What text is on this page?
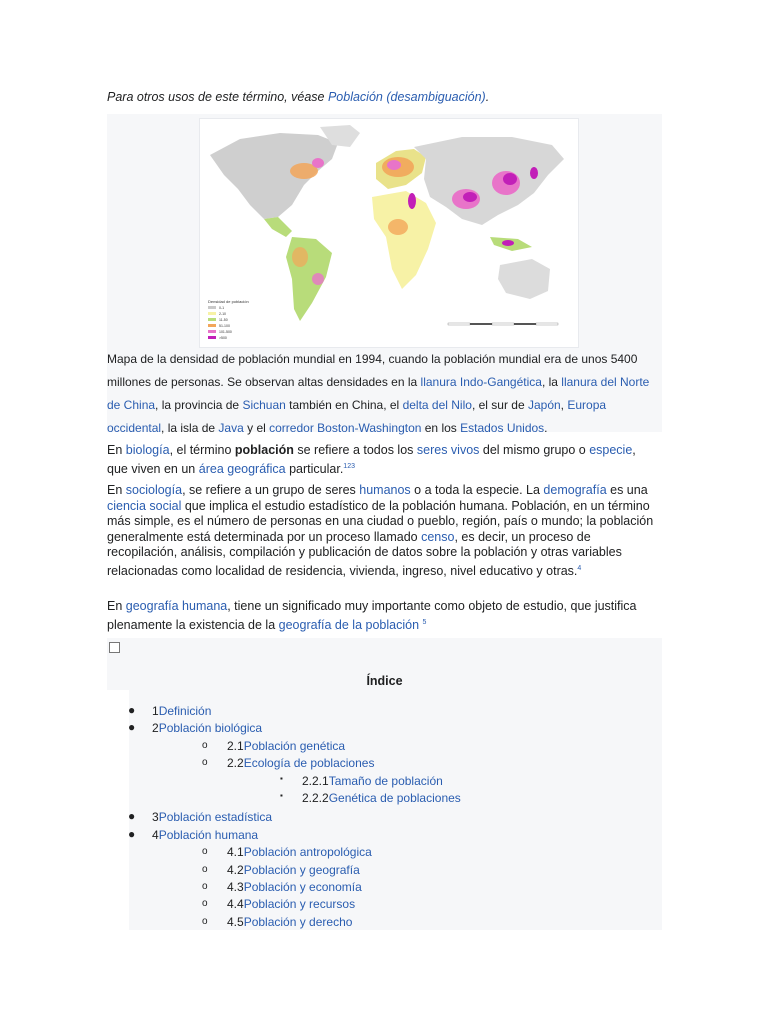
Para otros usos de este término, véase Población (desambiguación).
Densidad de población
0-1
2-10
11-50
51-100
101-500
>500
Mapa de la densidad de población mundial en 1994, cuando la población mundial era de unos 5400 millones de personas. Se observan altas densidades en la llanura Indo-Gangética, la llanura del Norte de China, la provincia de Sichuan también en China, el delta del Nilo, el sur de Japón, Europa occidental, la isla de Java y el corredor Boston-Washington en los Estados Unidos.
En biología, el término población se refiere a todos los seres vivos del mismo grupo o especie, que viven en un área geográfica particular.$^{123}$
En sociología, se refiere a un grupo de seres humanos o a toda la especie. La demografía es una ciencia social que implica el estudio estadístico de la población humana. Población, en un término más simple, es el número de personas en una ciudad o pueblo, región, país o mundo; la población generalmente está determinada por un proceso llamado censo, es decir, un proceso de recopilación, análisis, compilación y publicación de datos sobre la población y otras variables relacionadas como localidad de residencia, vivienda, ingreso, nivel educativo y otras.$^4$
En geografía humana, tiene un significado muy importante como objeto de estudio, que justifica plenamente la existencia de la geografía de la población $^5$
Índice
● 1Definición
● 2Población biológica
o 2.1Población genética
o 2.2Ecología de poblaciones
▪ 2.2.1Tamaño de población
▪ 2.2.2Genética de poblaciones
● 3Población estadística
● 4Población humana
o 4.1Población antropológica
o 4.2Población y geografía
o 4.3Población y economía
o 4.4Población y recursos
o 4.5Población y derecho
